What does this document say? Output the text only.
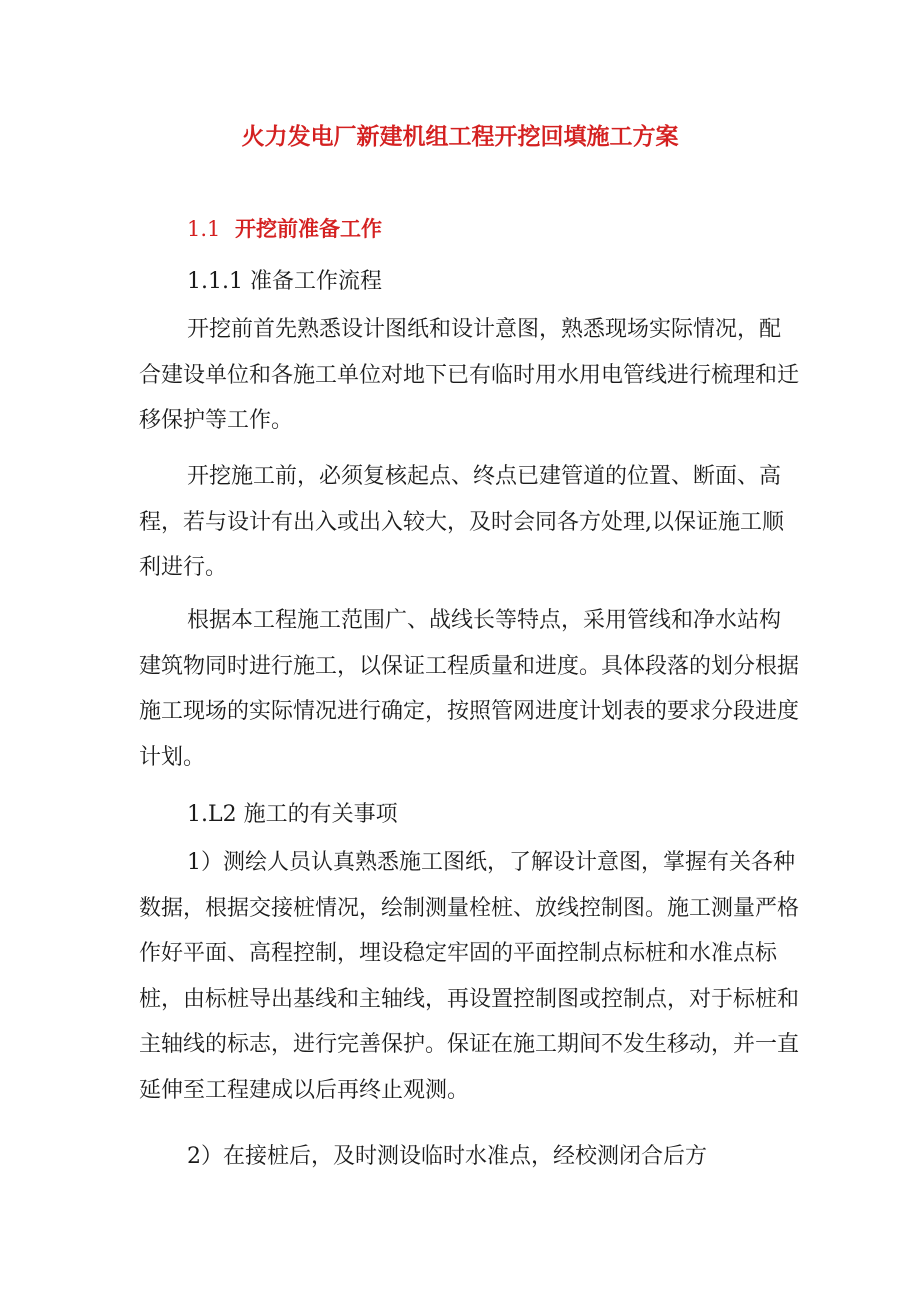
火力发电厂新建机组工程开挖回填施工方案
1.1 开挖前准备工作
1.1.1 准备工作流程
开挖前首先熟悉设计图纸和设计意图，熟悉现场实际情况，配合建设单位和各施工单位对地下已有临时用水用电管线进行梳理和迁移保护等工作。
开挖施工前，必须复核起点、终点已建管道的位置、断面、高程，若与设计有出入或出入较大，及时会同各方处理,以保证施工顺利进行。
根据本工程施工范围广、战线长等特点，采用管线和净水站构建筑物同时进行施工，以保证工程质量和进度。具体段落的划分根据施工现场的实际情况进行确定，按照管网进度计划表的要求分段进度计划。
1.L2 施工的有关事项
1）测绘人员认真熟悉施工图纸，了解设计意图，掌握有关各种数据，根据交接桩情况，绘制测量栓桩、放线控制图。施工测量严格作好平面、高程控制，埋设稳定牢固的平面控制点标桩和水准点标桩，由标桩导出基线和主轴线，再设置控制图或控制点，对于标桩和主轴线的标志，进行完善保护。保证在施工期间不发生移动，并一直延伸至工程建成以后再终止观测。
2）在接桩后，及时测设临时水准点，经校测闭合后方
